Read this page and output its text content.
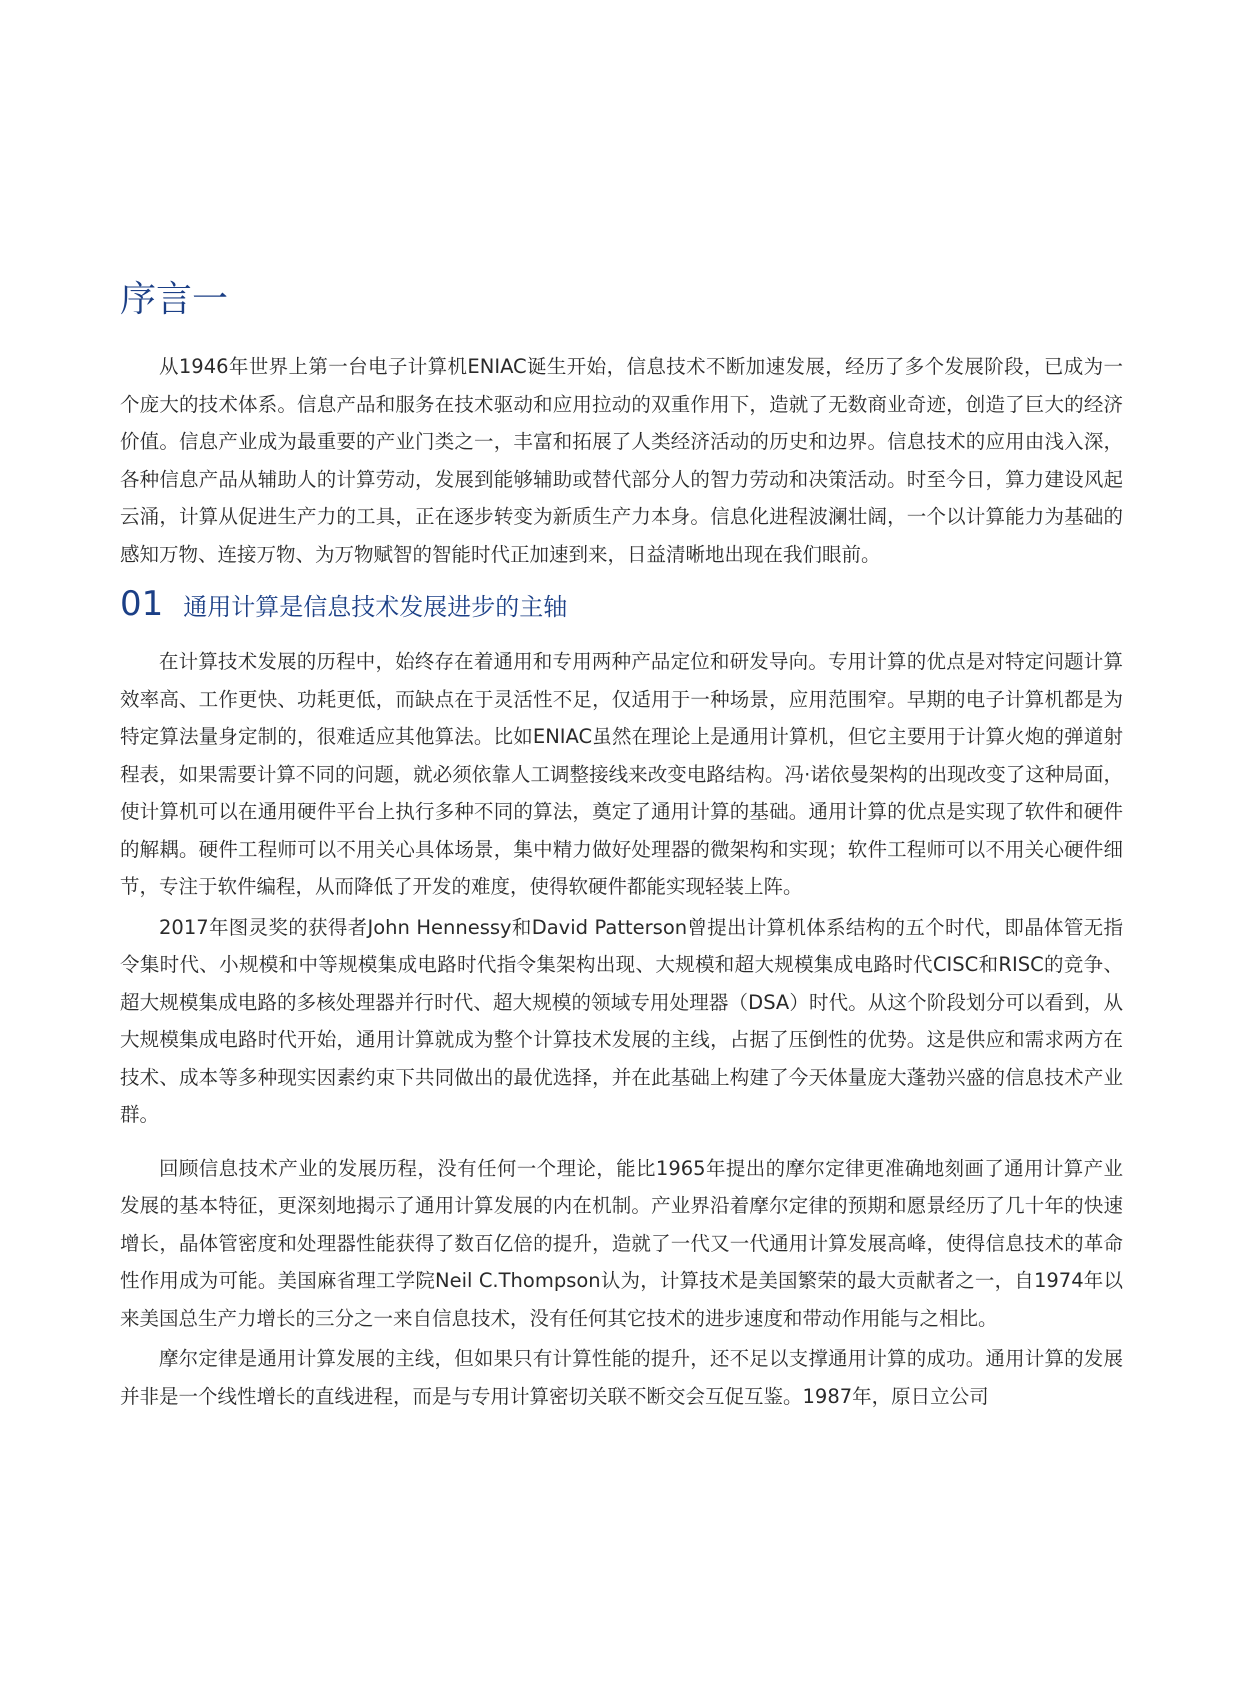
序言一

从1946年世界上第一台电子计算机ENIAC诞生开始，信息技术不断加速发展，经历了多个发展阶段，已成为一个庞大的技术体系。信息产品和服务在技术驱动和应用拉动的双重作用下，造就了无数商业奇迹，创造了巨大的经济价值。信息产业成为最重要的产业门类之一，丰富和拓展了人类经济活动的历史和边界。信息技术的应用由浅入深，各种信息产品从辅助人的计算劳动，发展到能够辅助或替代部分人的智力劳动和决策活动。时至今日，算力建设风起云涌，计算从促进生产力的工具，正在逐步转变为新质生产力本身。信息化进程波澜壮阔，一个以计算能力为基础的感知万物、连接万物、为万物赋智的智能时代正加速到来，日益清晰地出现在我们眼前。

01 通用计算是信息技术发展进步的主轴

在计算技术发展的历程中，始终存在着通用和专用两种产品定位和研发导向。专用计算的优点是对特定问题计算效率高、工作更快、功耗更低，而缺点在于灵活性不足，仅适用于一种场景，应用范围窄。早期的电子计算机都是为特定算法量身定制的，很难适应其他算法。比如ENIAC虽然在理论上是通用计算机，但它主要用于计算火炮的弹道射程表，如果需要计算不同的问题，就必须依靠人工调整接线来改变电路结构。冯·诺依曼架构的出现改变了这种局面，使计算机可以在通用硬件平台上执行多种不同的算法，奠定了通用计算的基础。通用计算的优点是实现了软件和硬件的解耦。硬件工程师可以不用关心具体场景，集中精力做好处理器的微架构和实现；软件工程师可以不用关心硬件细节，专注于软件编程，从而降低了开发的难度，使得软硬件都能实现轻装上阵。

2017年图灵奖的获得者John Hennessy和David Patterson曾提出计算机体系结构的五个时代，即晶体管无指令集时代、小规模和中等规模集成电路时代指令集架构出现、大规模和超大规模集成电路时代CISC和RISC的竞争、超大规模集成电路的多核处理器并行时代、超大规模的领域专用处理器（DSA）时代。从这个阶段划分可以看到，从大规模集成电路时代开始，通用计算就成为整个计算技术发展的主线，占据了压倒性的优势。这是供应和需求两方在技术、成本等多种现实因素约束下共同做出的最优选择，并在此基础上构建了今天体量庞大蓬勃兴盛的信息技术产业群。

回顾信息技术产业的发展历程，没有任何一个理论，能比1965年提出的摩尔定律更准确地刻画了通用计算产业发展的基本特征，更深刻地揭示了通用计算发展的内在机制。产业界沿着摩尔定律的预期和愿景经历了几十年的快速增长，晶体管密度和处理器性能获得了数百亿倍的提升，造就了一代又一代通用计算发展高峰，使得信息技术的革命性作用成为可能。美国麻省理工学院Neil C.Thompson认为，计算技术是美国繁荣的最大贡献者之一，自1974年以来美国总生产力增长的三分之一来自信息技术，没有任何其它技术的进步速度和带动作用能与之相比。

摩尔定律是通用计算发展的主线，但如果只有计算性能的提升，还不足以支撑通用计算的成功。通用计算的发展并非是一个线性增长的直线进程，而是与专用计算密切关联不断交会互促互鉴。1987年，原日立公司
